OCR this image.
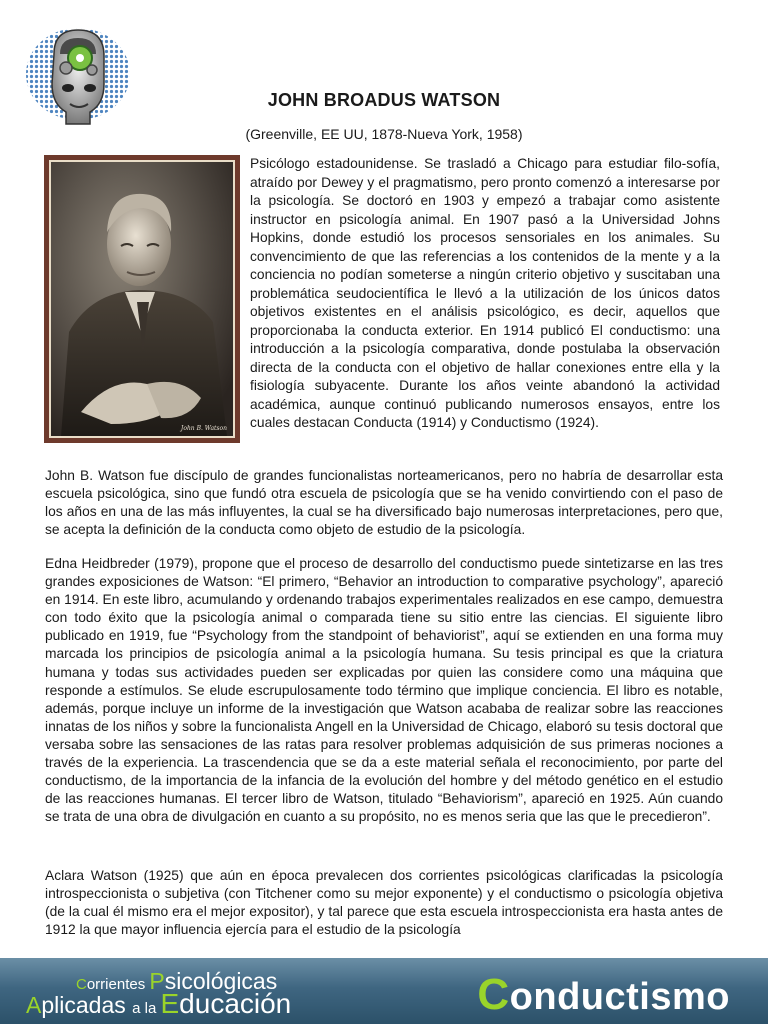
JOHN BROADUS WATSON
(Greenville, EE UU, 1878-Nueva York, 1958)
John B. Watson
Psicólogo estadounidense. Se trasladó a Chicago para estudiar filo-sofía, atraído por Dewey y el pragmatismo, pero pronto comenzó a interesarse por la psicología. Se doctoró en 1903 y empezó a trabajar como asistente instructor en psicología animal. En 1907 pasó a la Universidad Johns Hopkins, donde estudió los procesos sensoriales en los animales. Su convencimiento de que las referencias a los contenidos de la mente y a la conciencia no podían someterse a ningún criterio objetivo y suscitaban una problemática seudocientífica le llevó a la utilización de los únicos datos objetivos existentes en el análisis psicológico, es decir, aquellos que proporcionaba la conducta exterior. En 1914 publicó El conductismo: una introducción a la psicología comparativa, donde postulaba la observación directa de la conducta con el objetivo de hallar conexiones entre ella y la fisiología subyacente. Durante los años veinte abandonó la actividad académica, aunque continuó publicando numerosos ensayos, entre los cuales destacan Conducta (1914) y Conductismo (1924).

John B. Watson fue discípulo de grandes funcionalistas norteamericanos, pero no habría de desarrollar esta escuela psicológica, sino que fundó otra escuela de psicología que se ha venido convirtiendo con el paso de los años en una de las más influyentes, la cual se ha diversificado bajo numerosas interpretaciones, pero que, se acepta la definición de la conducta como objeto de estudio de la psicología.

Edna Heidbreder (1979), propone que el proceso de desarrollo del conductismo puede sintetizarse en las tres grandes exposiciones de Watson: “El primero, “Behavior an introduction to comparative psychology”, apareció en 1914. En este libro, acumulando y ordenando trabajos experimentales realizados en ese campo, demuestra con todo éxito que la psicología animal o comparada tiene su sitio entre las ciencias. El siguiente libro publicado en 1919, fue “Psychology from the standpoint of behaviorist”, aquí se extienden en una forma muy marcada los principios de psicología animal a la psicología humana. Su tesis principal es que la criatura humana y todas sus actividades pueden ser explicadas por quien las considere como una máquina que responde a estímulos. Se elude escrupulosamente todo término que implique conciencia. El libro es notable, además, porque incluye un informe de la investigación que Watson acababa de realizar sobre las reacciones innatas de los niños y sobre la funcionalista Angell en la Universidad de Chicago, elaboró su tesis doctoral que versaba sobre las sensaciones de las ratas para resolver problemas adquisición de sus primeras nociones a través de la experiencia. La trascendencia que se da a este material señala el reconocimiento, por parte del conductismo, de la importancia de la infancia de la evolución del hombre y del método genético en el estudio de las reacciones humanas. El tercer libro de Watson, titulado “Behaviorism”, apareció en 1925. Aún cuando se trata de una obra de divulgación en cuanto a su propósito, no es menos seria que las que le precedieron”.

Aclara Watson (1925) que aún en época prevalecen dos corrientes psicológicas clarificadas la psicología introspeccionista o subjetiva (con Titchener como su mejor exponente) y el conductismo o psicología objetiva (de la cual él mismo era el mejor expositor), y tal parece que esta escuela introspeccionista era hasta antes de 1912 la que mayor influencia ejercía para el estudio de la psicología

Corrientes Psicológicas
Aplicadas a la Educación	Conductismo
